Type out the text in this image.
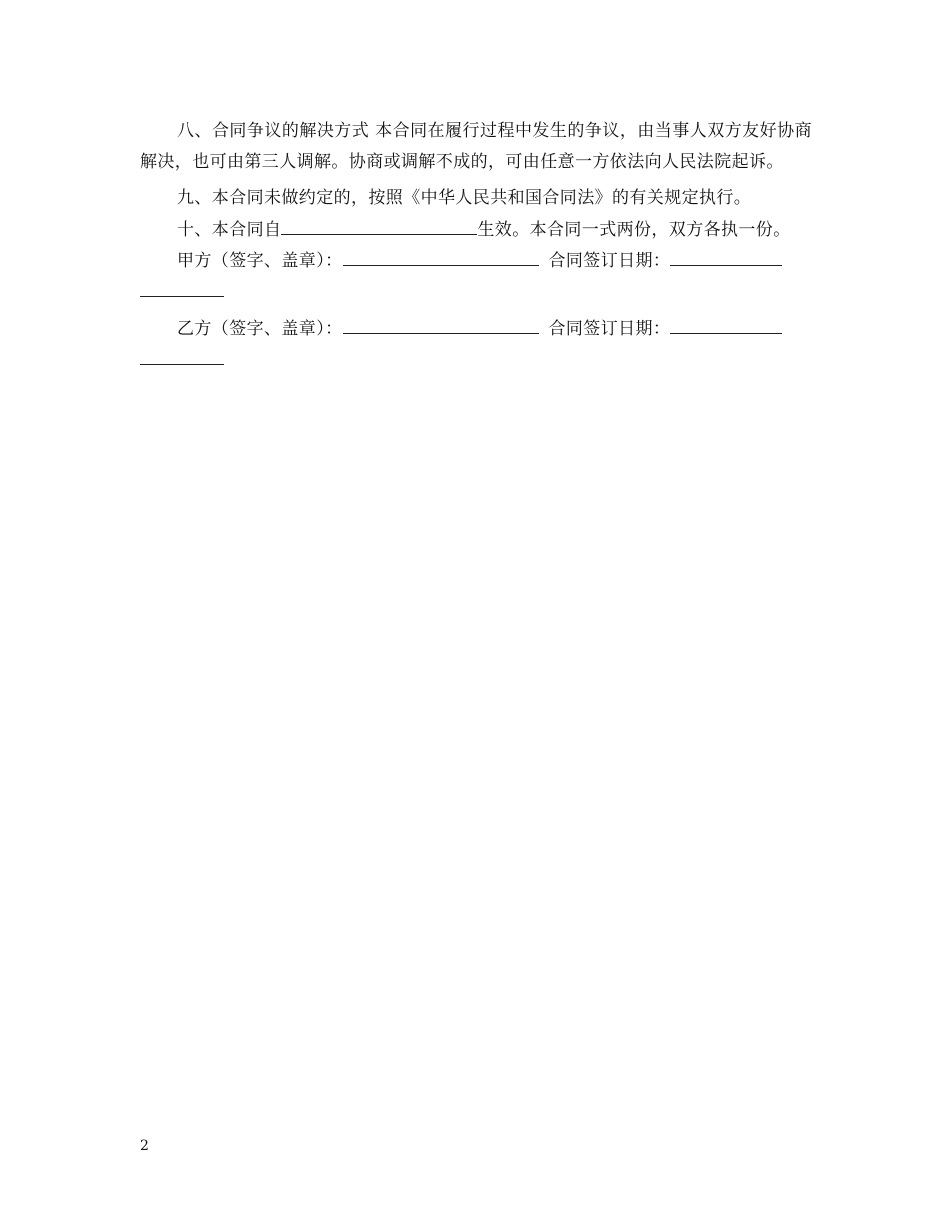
八、合同争议的解决方式 本合同在履行过程中发生的争议，由当事人双方友好协商解决，也可由第三人调解。协商或调解不成的，可由任意一方依法向人民法院起诉。

九、本合同未做约定的，按照《中华人民共和国合同法》的有关规定执行。

十、本合同自	生效。本合同一式两份，双方各执一份。

甲方（签字、盖章）：	合同签订日期：

乙方（签字、盖章）：	合同签订日期：

2
